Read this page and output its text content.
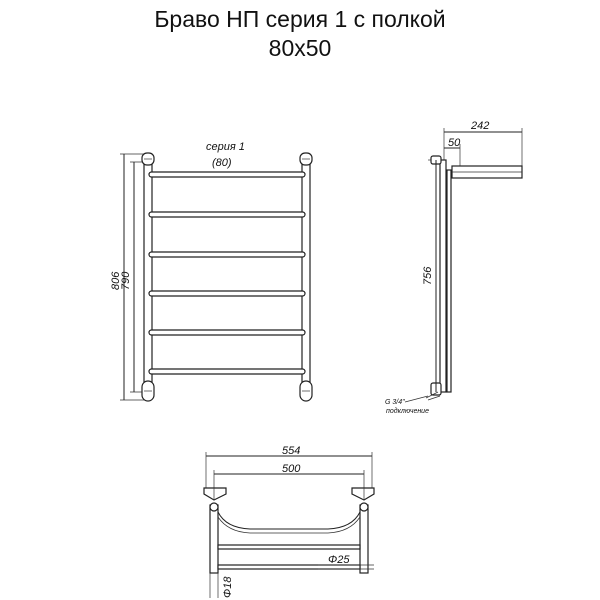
Браво НП серия 1 с полкой
80x50
806
790
серия 1
(80)
242
50
756
G 3/4"
подключение
554
500
Φ25
Φ18
